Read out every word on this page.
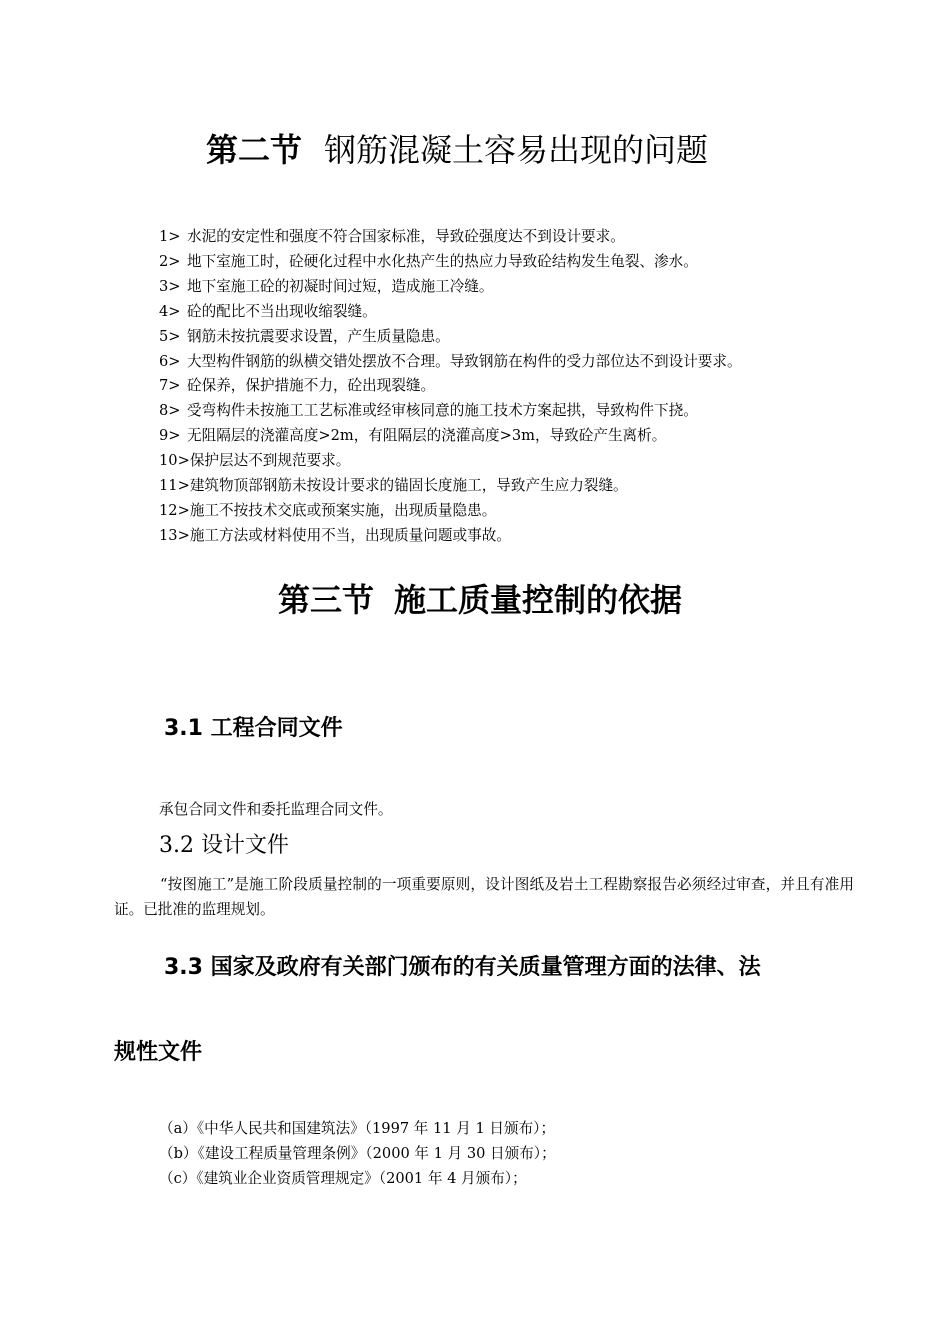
第二节 钢筋混凝土容易出现的问题
1> 水泥的安定性和强度不符合国家标准，导致砼强度达不到设计要求。
2> 地下室施工时，砼硬化过程中水化热产生的热应力导致砼结构发生龟裂、渗水。
3> 地下室施工砼的初凝时间过短，造成施工冷缝。
4> 砼的配比不当出现收缩裂缝。
5> 钢筋未按抗震要求设置，产生质量隐患。
6> 大型构件钢筋的纵横交错处摆放不合理。导致钢筋在构件的受力部位达不到设计要求。
7> 砼保养，保护措施不力，砼出现裂缝。
8> 受弯构件未按施工工艺标准或经审核同意的施工技术方案起拱，导致构件下挠。
9> 无阻隔层的浇灌高度>2m，有阻隔层的浇灌高度>3m，导致砼产生离析。
10>保护层达不到规范要求。
11>建筑物顶部钢筋未按设计要求的锚固长度施工，导致产生应力裂缝。
12>施工不按技术交底或预案实施，出现质量隐患。
13>施工方法或材料使用不当，出现质量问题或事故。
第三节 施工质量控制的依据
3.1 工程合同文件
承包合同文件和委托监理合同文件。
3.2 设计文件
“按图施工”是施工阶段质量控制的一项重要原则，设计图纸及岩土工程勘察报告必须经过审查，并且有准用证。已批准的监理规划。
3.3 国家及政府有关部门颁布的有关质量管理方面的法律、法
规性文件
（a）《中华人民共和国建筑法》（1997 年 11 月 1 日颁布）；
（b）《建设工程质量管理条例》（2000 年 1 月 30 日颁布）；
（c）《建筑业企业资质管理规定》（2001 年 4 月颁布）；
